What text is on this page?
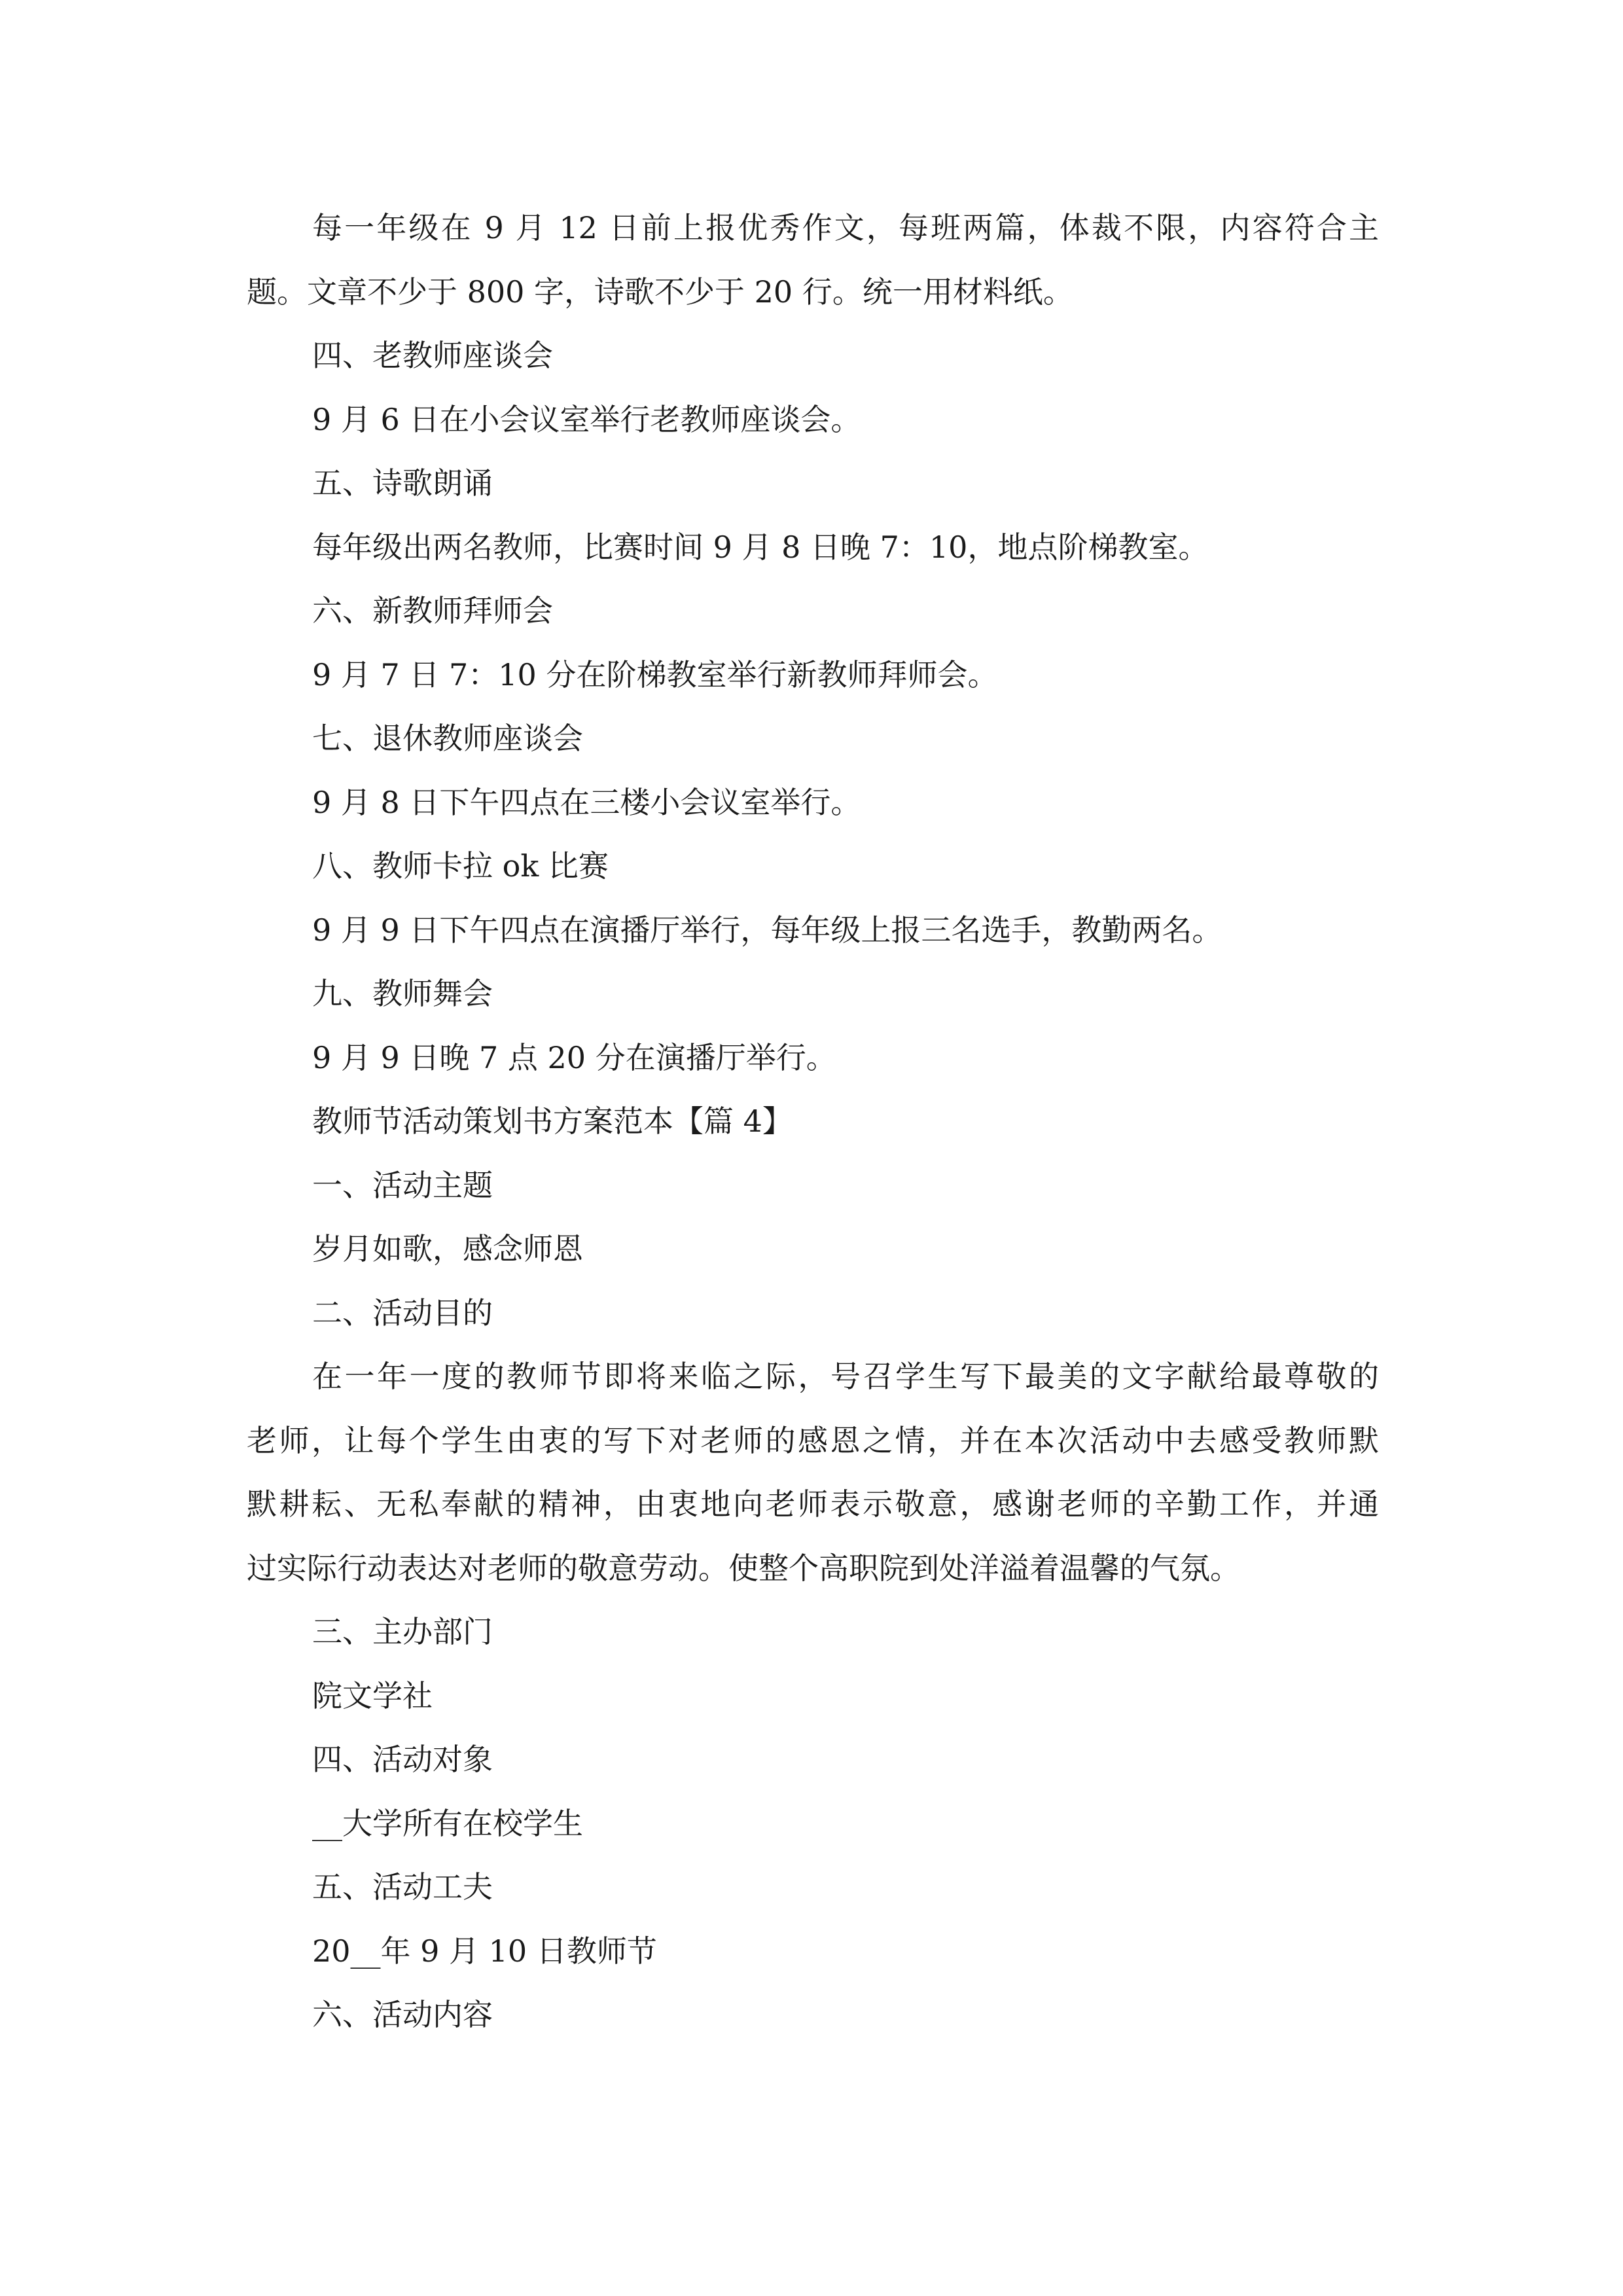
每一年级在 9 月 12 日前上报优秀作文，每班两篇，体裁不限，内容符合主
题。文章不少于 800 字，诗歌不少于 20 行。统一用材料纸。
四、老教师座谈会
9 月 6 日在小会议室举行老教师座谈会。
五、诗歌朗诵
每年级出两名教师，比赛时间 9 月 8 日晚 7：10，地点阶梯教室。
六、新教师拜师会
9 月 7 日 7：10 分在阶梯教室举行新教师拜师会。
七、退休教师座谈会
9 月 8 日下午四点在三楼小会议室举行。
八、教师卡拉 ok 比赛
9 月 9 日下午四点在演播厅举行，每年级上报三名选手，教勤两名。
九、教师舞会
9 月 9 日晚 7 点 20 分在演播厅举行。
教师节活动策划书方案范本【篇 4】
一、活动主题
岁月如歌，感念师恩
二、活动目的
在一年一度的教师节即将来临之际，号召学生写下最美的文字献给最尊敬的
老师，让每个学生由衷的写下对老师的感恩之情，并在本次活动中去感受教师默
默耕耘、无私奉献的精神，由衷地向老师表示敬意，感谢老师的辛勤工作，并通
过实际行动表达对老师的敬意劳动。使整个高职院到处洋溢着温馨的气氛。
三、主办部门
院文学社
四、活动对象
__大学所有在校学生
五、活动工夫
20__年 9 月 10 日教师节
六、活动内容
